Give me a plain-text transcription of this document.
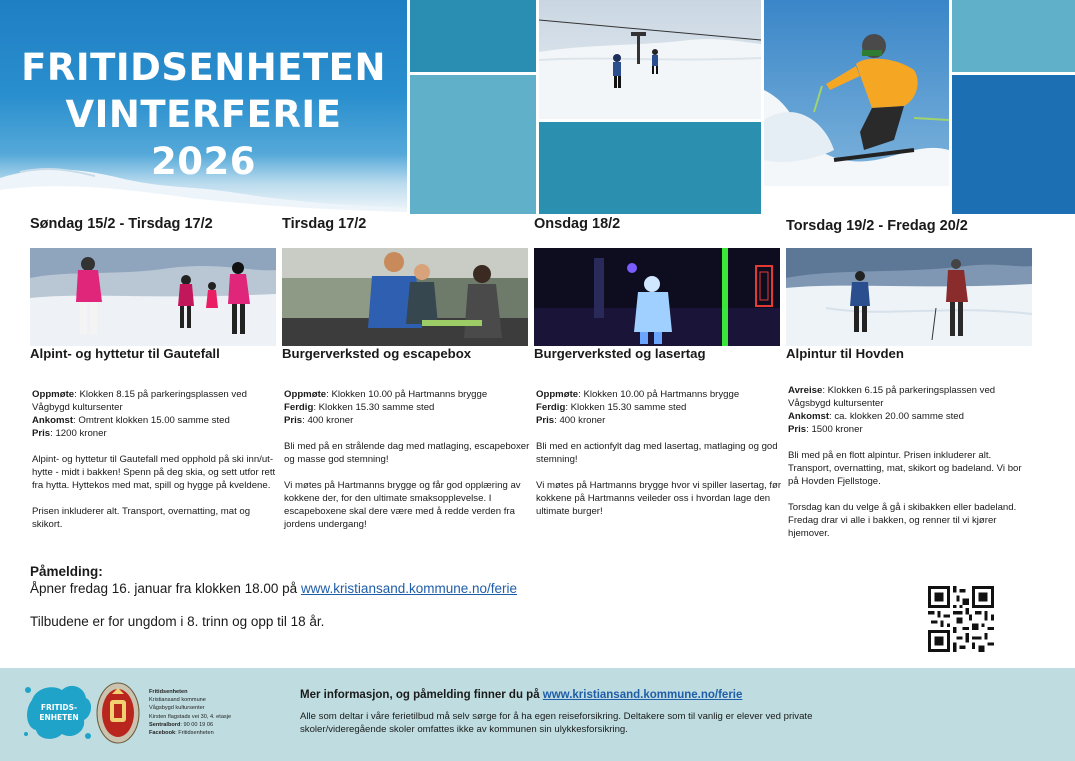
FRITIDSENHETEN
VINTERFERIE
2026
Søndag 15/2 - Tirsdag 17/2
Alpint- og hyttetur til Gautefall

Oppmøte: Klokken 8.15 på parkeringsplassen ved Vågbygd kultursenter

Ankomst: Omtrent klokken 15.00 samme sted

Pris: 1200 kroner

Alpint- og hyttetur til Gautefall med opphold på ski inn/ut-hytte - midt i bakken! Spenn på deg skia, og sett utfor rett fra hytta. Hyttekos med mat, spill og hygge på kveldene.

Prisen inkluderer alt. Transport, overnatting, mat og skikort.

Tirsdag 17/2
Burgerverksted og escapebox

Oppmøte: Klokken 10.00 på Hartmanns brygge

Ferdig: Klokken 15.30 samme sted

Pris: 400 kroner

Bli med på en strålende dag med matlaging, escapeboxer og masse god stemning!

Vi møtes på Hartmanns brygge og får god opplæring av kokkene der, for den ultimate smaksopplevelse. I escapeboxene skal dere være med å redde verden fra jordens undergang!

Onsdag 18/2
Burgerverksted og lasertag

Oppmøte: Klokken 10.00 på Hartmanns brygge

Ferdig: Klokken 15.30 samme sted

Pris: 400 kroner

Bli med en actionfylt dag med lasertag, matlaging og god stemning!

Vi møtes på Hartmanns brygge hvor vi spiller lasertag, før kokkene på Hartmanns veileder oss i hvordan lage den ultimate burger!

Torsdag 19/2 - Fredag 20/2
Alpintur til Hovden

Avreise: Klokken 6.15 på parkeringsplassen ved Vågsbygd kultursenter

Ankomst: ca. klokken 20.00 samme sted

Pris: 1500 kroner

Bli med på en flott alpintur. Prisen inkluderer alt. Transport, overnatting, mat, skikort og badeland. Vi bor på Hovden Fjellstoge.

Torsdag kan du velge å gå i skibakken eller badeland. Fredag drar vi alle i bakken, og renner til vi kjører hjemover.

Påmelding:
Åpner fredag 16. januar fra klokken 18.00 på www.kristiansand.kommune.no/ferie
Tilbudene er for ungdom i 8. trinn og opp til 18 år.
FRITIDS-
ENHETEN
Fritidsenheten
Kristiansand kommune
Vågsbygd kultursenter
Kirsten flagstads vei 30, 4. etasje
Sentralbord: 90 00 19 06
Facebook: Fritidsenheten
Mer informasjon, og påmelding finner du på www.kristiansand.kommune.no/ferie
Alle som deltar i våre ferietilbud må selv sørge for å ha egen reiseforsikring. Deltakere som til vanlig er elever ved private skoler/videregående skoler omfattes ikke av kommunen sin ulykkesforsikring.
